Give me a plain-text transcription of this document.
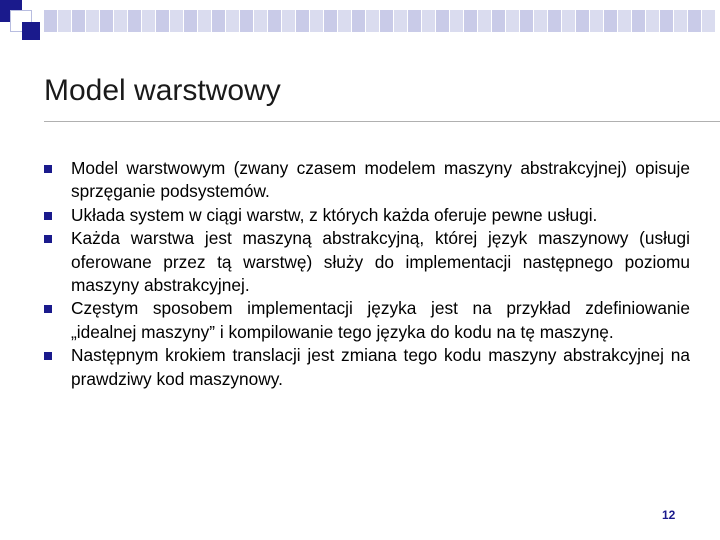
Model warstwowy
Model warstwowym (zwany czasem modelem maszyny abstrakcyjnej) opisuje sprzęganie podsystemów.
Układa system w ciągi warstw, z których każda oferuje pewne usługi.
Każda warstwa jest maszyną abstrakcyjną, której język maszynowy (usługi oferowane przez tą warstwę) służy do implementacji następnego poziomu maszyny abstrakcyjnej.
Częstym sposobem implementacji języka jest na przykład zdefiniowanie „idealnej maszyny” i kompilowanie tego języka do kodu na tę maszynę.
Następnym krokiem translacji jest zmiana tego kodu maszyny abstrakcyjnej na prawdziwy kod maszynowy.
12
